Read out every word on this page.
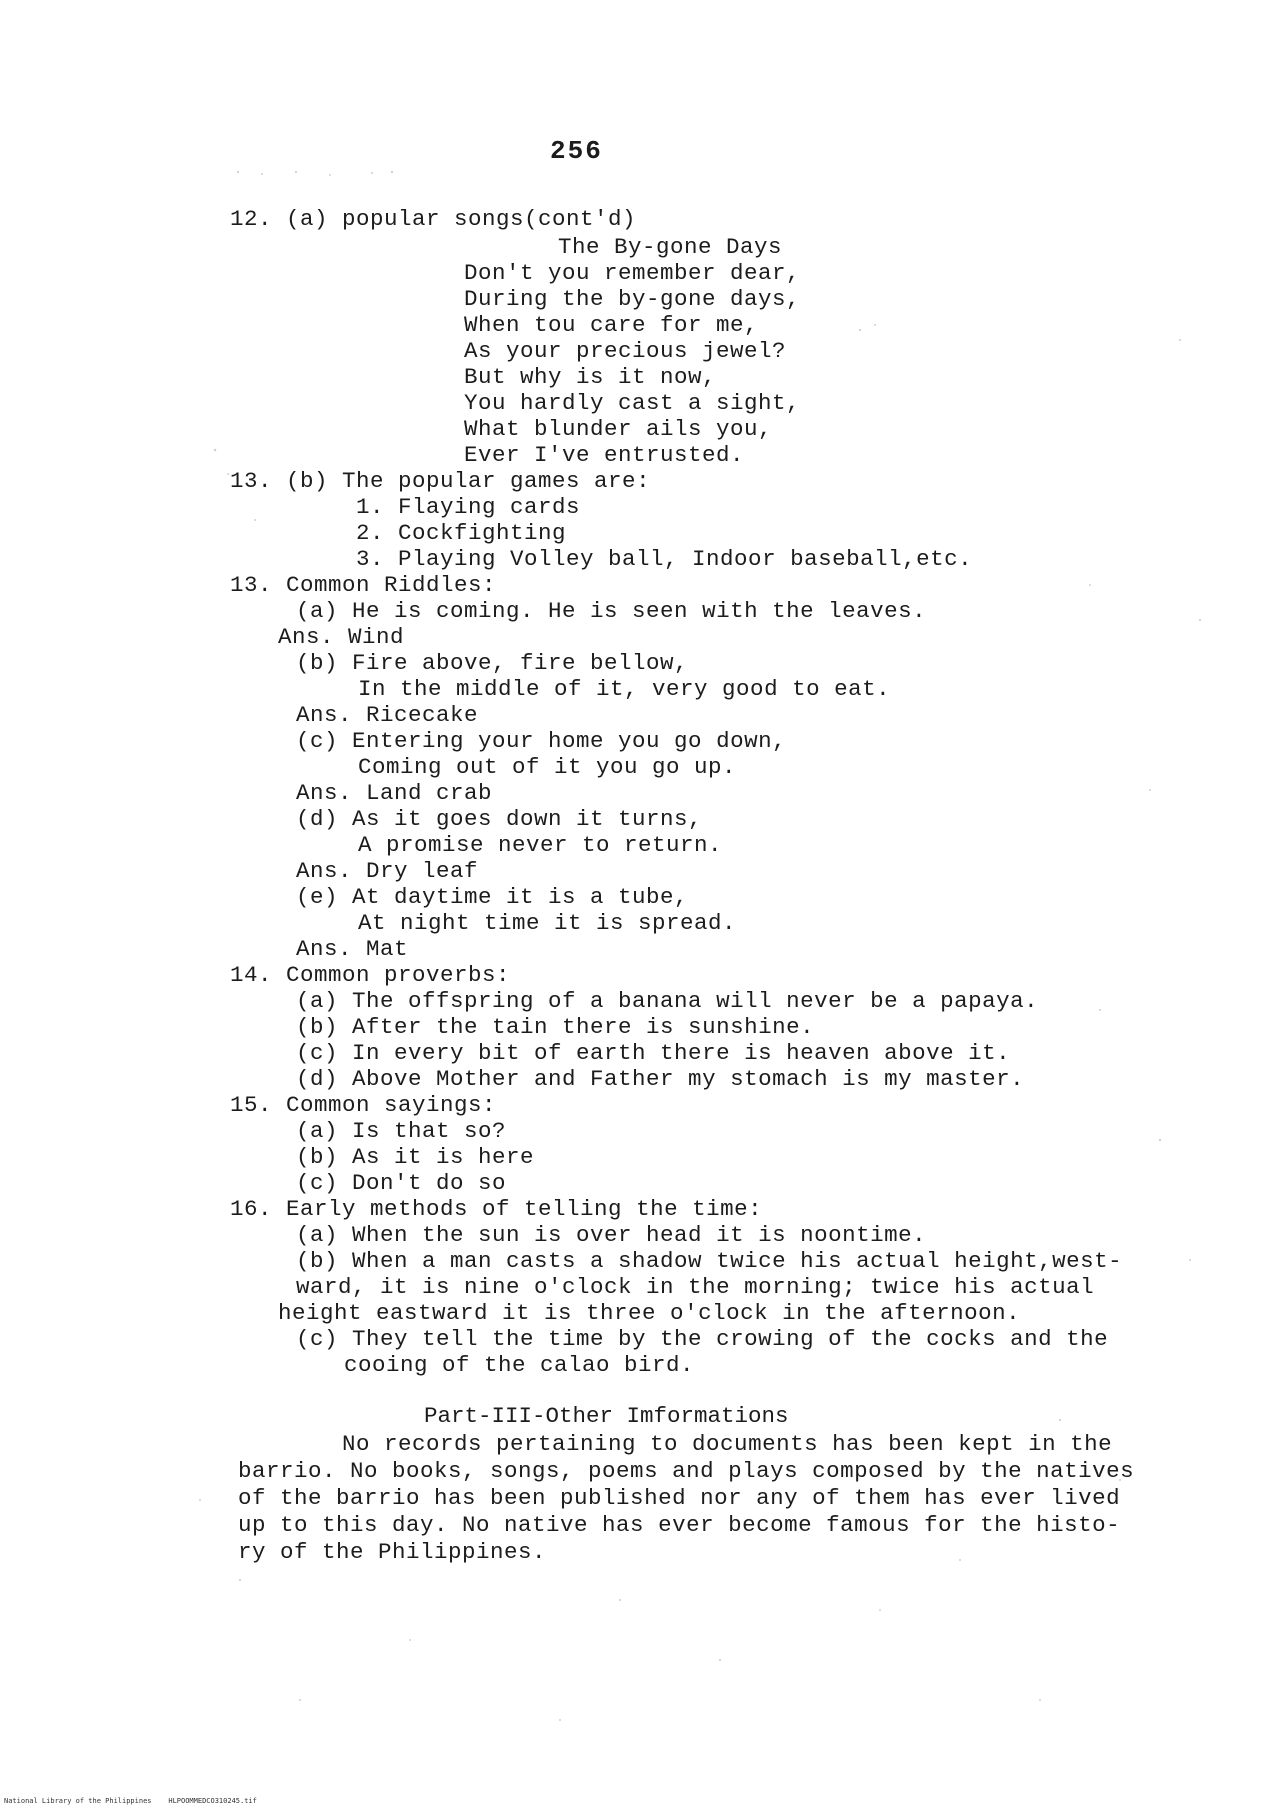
256
12. (a) popular songs(cont'd)
The By-gone Days
Don't you remember dear,
During the by-gone days,
When tou care for me,
As your precious jewel?
But why is it now,
You hardly cast a sight,
What blunder ails you,
Ever I've entrusted.
13. (b) The popular games are:
1. Flaying cards
2. Cockfighting
3. Playing Volley ball, Indoor baseball,etc.
13. Common Riddles:
(a) He is coming. He is seen with the leaves.
Ans. Wind
(b) Fire above, fire bellow,
In the middle of it, very good to eat.
Ans. Ricecake
(c) Entering your home you go down,
Coming out of it you go up.
Ans. Land crab
(d) As it goes down it turns,
A promise never to return.
Ans. Dry leaf
(e) At daytime it is a tube,
At night time it is spread.
Ans. Mat
14. Common proverbs:
(a) The offspring of a banana will never be a papaya.
(b) After the tain there is sunshine.
(c) In every bit of earth there is heaven above it.
(d) Above Mother and Father my stomach is my master.
15. Common sayings:
(a) Is that so?
(b) As it is here
(c) Don't do so
16. Early methods of telling the time:
(a) When the sun is over head it is noontime.
(b) When a man casts a shadow twice his actual height,west-
ward, it is nine o'clock in the morning; twice his actual
height eastward it is three o'clock in the afternoon.
(c) They tell the time by the crowing of the cocks and the
cooing of the calao bird.
Part-III-Other Imformations
No records pertaining to documents has been kept in the
barrio. No books, songs, poems and plays composed by the natives
of the barrio has been published nor any of them has ever lived
up to this day. No native has ever become famous for the histo-
ry of the Philippines.
National Library of the Philippines    HLPOOMMEDCO310245.tif
